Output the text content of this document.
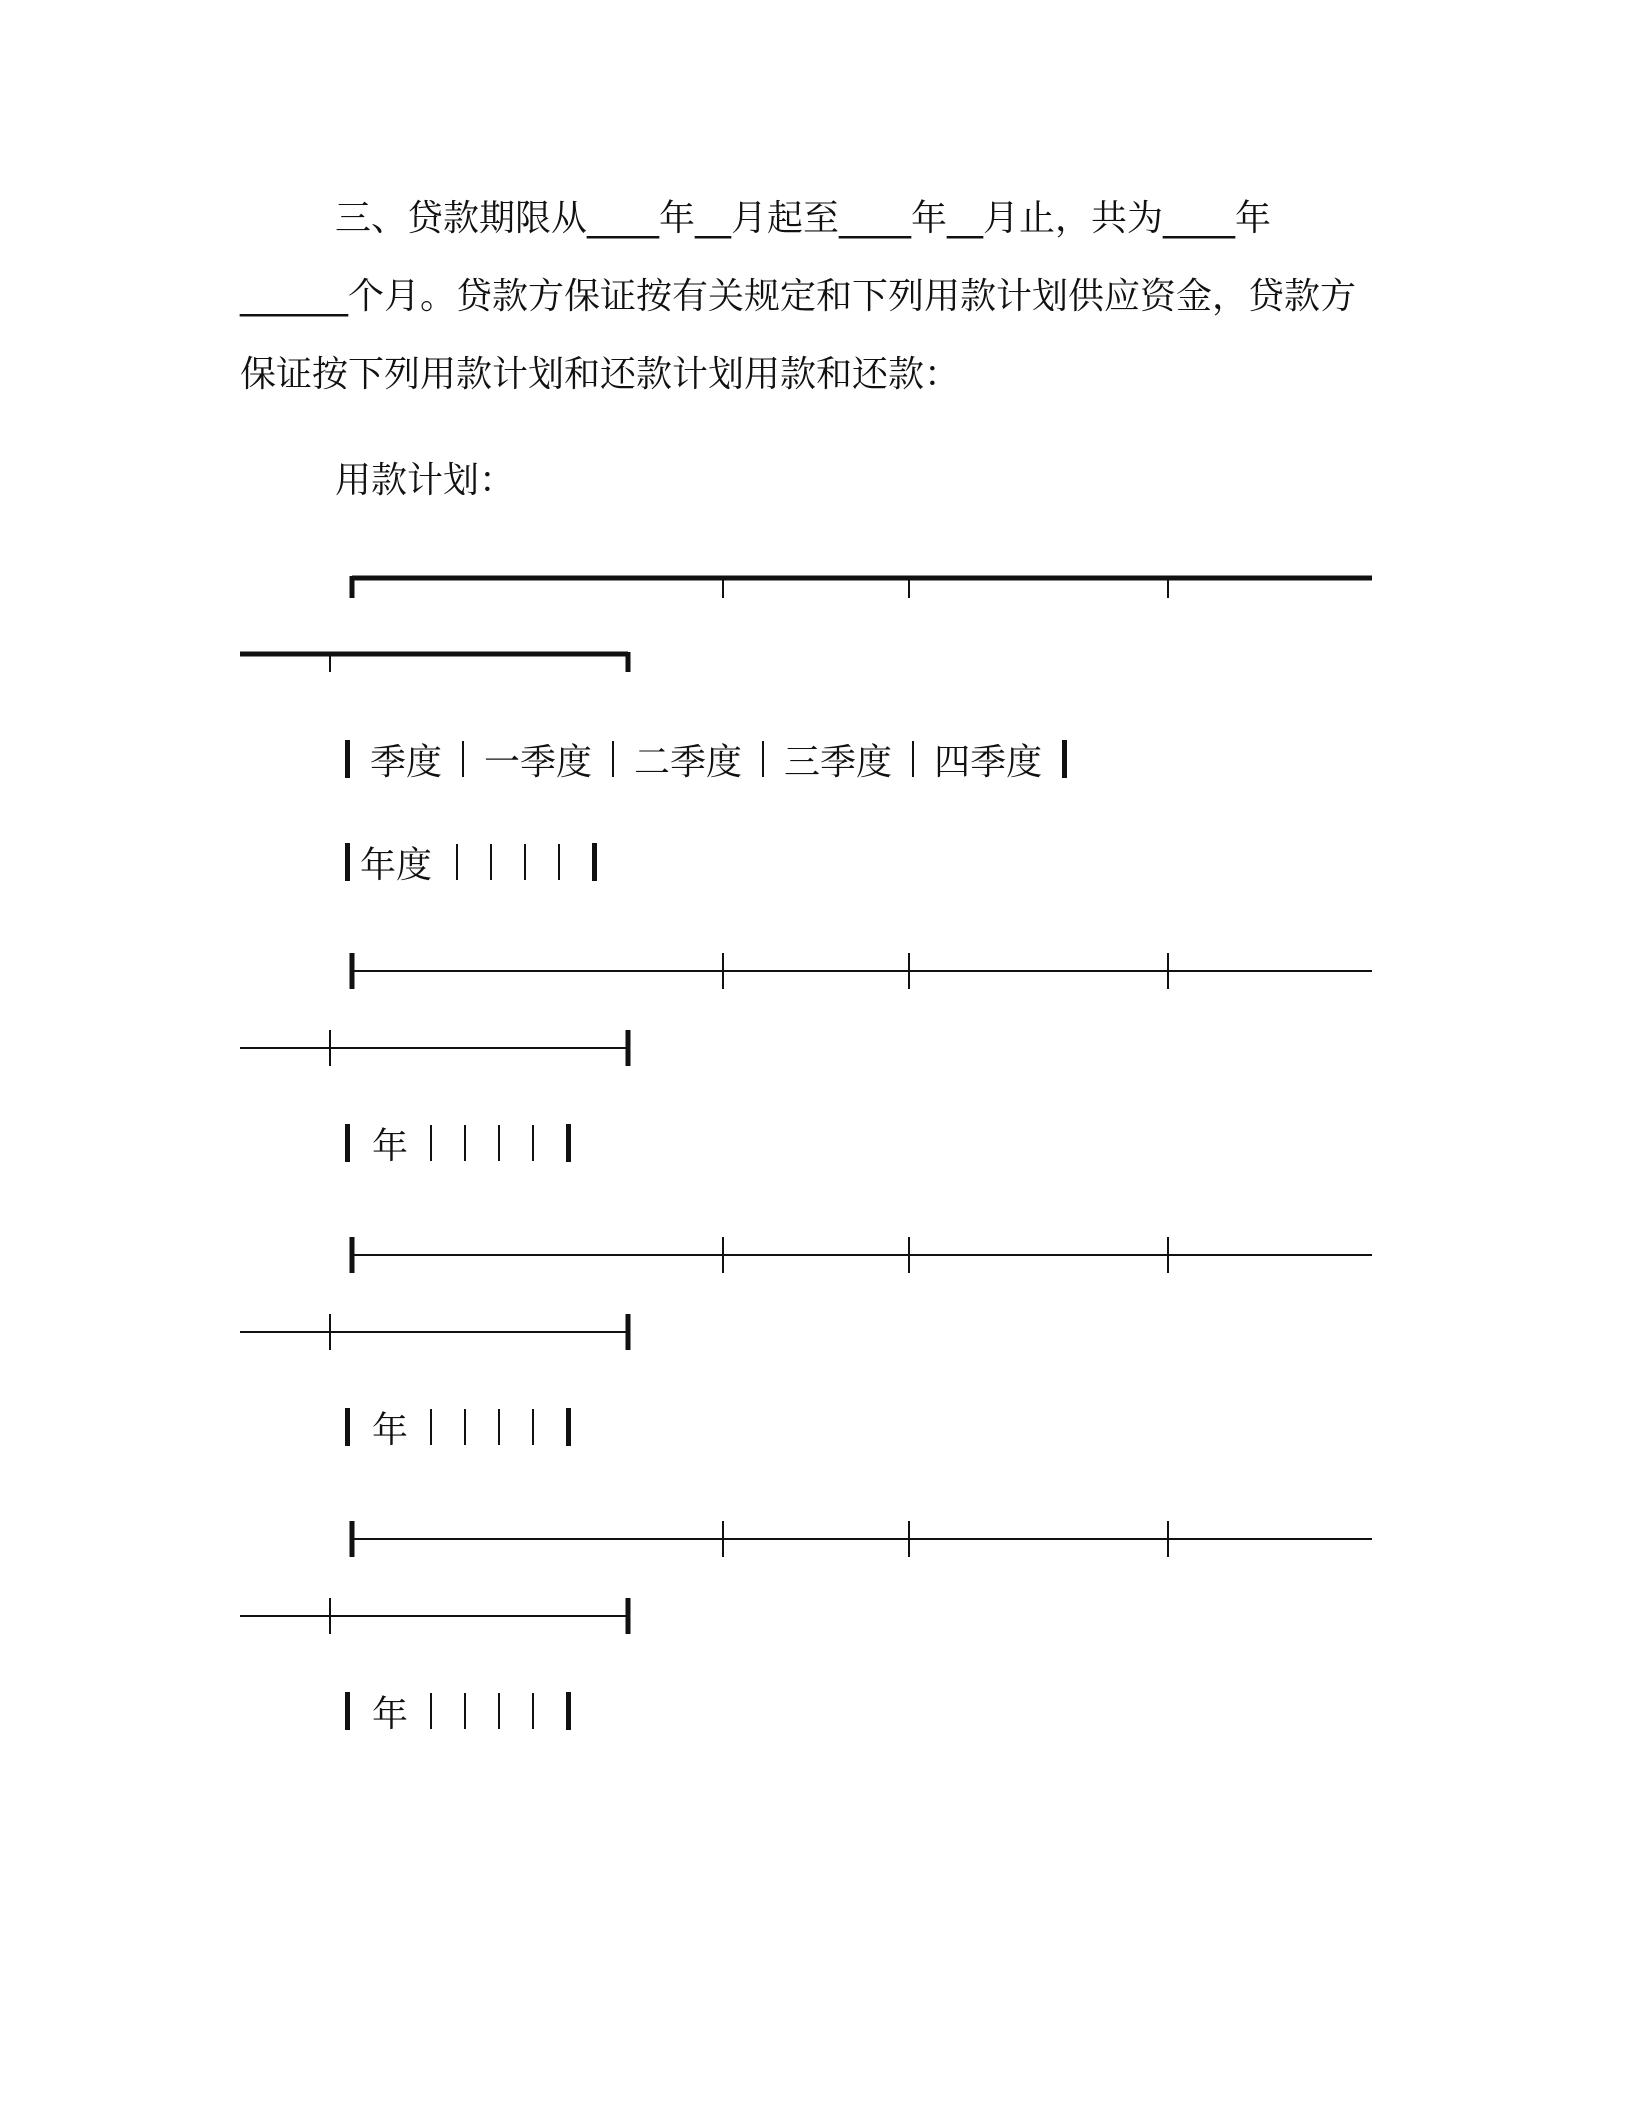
三、贷款期限从____年__月起至____年__月止，共为____年______个月。贷款方保证按有关规定和下列用款计划供应资金，贷款方保证按下列用款计划和还款计划用款和还款：

用款计划：

季度 一季度 二季度 三季度 四季度
年度
年
年
年
